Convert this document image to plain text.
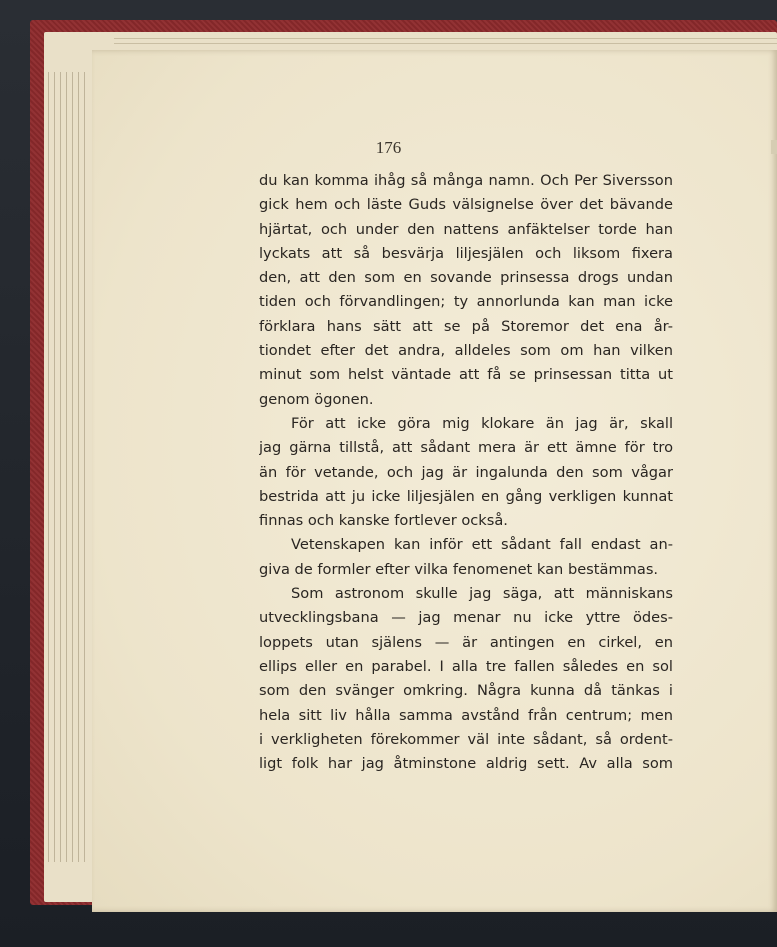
176
du kan komma ihåg så många namn. Och Per Siversson
gick hem och läste Guds välsignelse över det bävande
hjärtat, och under den nattens anfäktelser torde han
lyckats att så besvärja liljesjälen och liksom fixera
den, att den som en sovande prinsessa drogs undan
tiden och förvandlingen; ty annorlunda kan man icke
förklara hans sätt att se på Storemor det ena år-
tiondet efter det andra, alldeles som om han vilken
minut som helst väntade att få se prinsessan titta ut
genom ögonen.
För att icke göra mig klokare än jag är, skall
jag gärna tillstå, att sådant mera är ett ämne för tro
än för vetande, och jag är ingalunda den som vågar
bestrida att ju icke liljesjälen en gång verkligen kunnat
finnas och kanske fortlever också.
Vetenskapen kan inför ett sådant fall endast an-
giva de formler efter vilka fenomenet kan bestämmas.
Som astronom skulle jag säga, att människans
utvecklingsbana — jag menar nu icke yttre ödes-
loppets utan själens — är antingen en cirkel, en
ellips eller en parabel. I alla tre fallen således en sol
som den svänger omkring. Några kunna då tänkas i
hela sitt liv hålla samma avstånd från centrum; men
i verkligheten förekommer väl inte sådant, så ordent-
ligt folk har jag åtminstone aldrig sett. Av alla som
